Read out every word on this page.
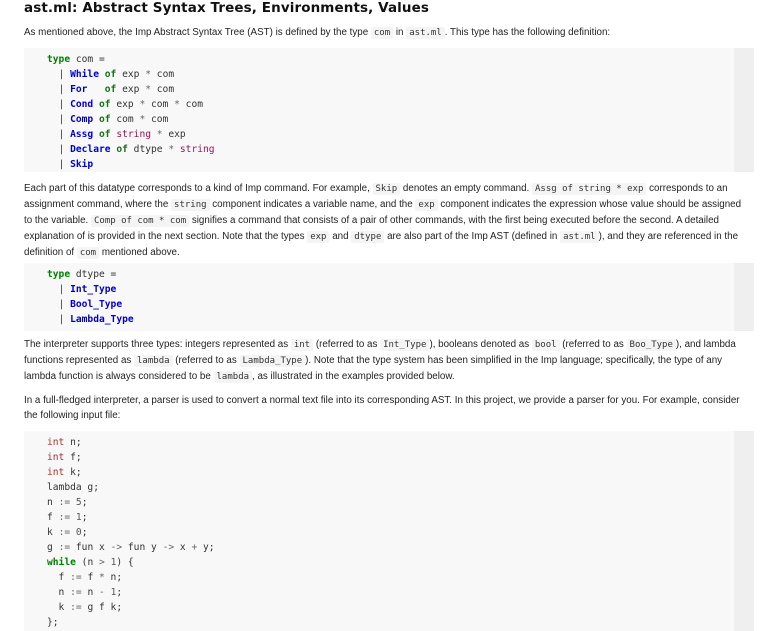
ast.ml: Abstract Syntax Trees, Environments, Values
As mentioned above, the Imp Abstract Syntax Tree (AST) is defined by the type com in ast.ml . This type has the following definition:
type com =
| While of exp * com
| For of exp * com
| Cond of exp * com * com
| Comp of com * com
| Assg of string * exp
| Declare of dtype * string
| Skip
Each part of this datatype corresponds to a kind of Imp command. For example, Skip denotes an empty command. Assg of string * exp corresponds to an assignment command, where the string component indicates a variable name, and the exp component indicates the expression whose value should be assigned to the variable. Comp of com * com signifies a command that consists of a pair of other commands, with the first being executed before the second. A detailed explanation of is provided in the next section. Note that the types exp and dtype are also part of the Imp AST (defined in ast.ml ), and they are referenced in the definition of com mentioned above.
type dtype =
| Int_Type
| Bool_Type
| Lambda_Type
The interpreter supports three types: integers represented as int (referred to as Int_Type ), booleans denoted as bool (referred to as Boo_Type ), and lambda functions represented as lambda (referred to as Lambda_Type ). Note that the type system has been simplified in the Imp language; specifically, the type of any lambda function is always considered to be lambda , as illustrated in the examples provided below.
In a full-fledged interpreter, a parser is used to convert a normal text file into its corresponding AST. In this project, we provide a parser for you. For example, consider the following input file:
int n;
int f;
int k;
lambda g;
n := 5;
f := 1;
k := 0;
g := fun x -> fun y -> x + y;
while (n > 1) {
f := f * n;
n := n - 1;
k := g f k;
};
